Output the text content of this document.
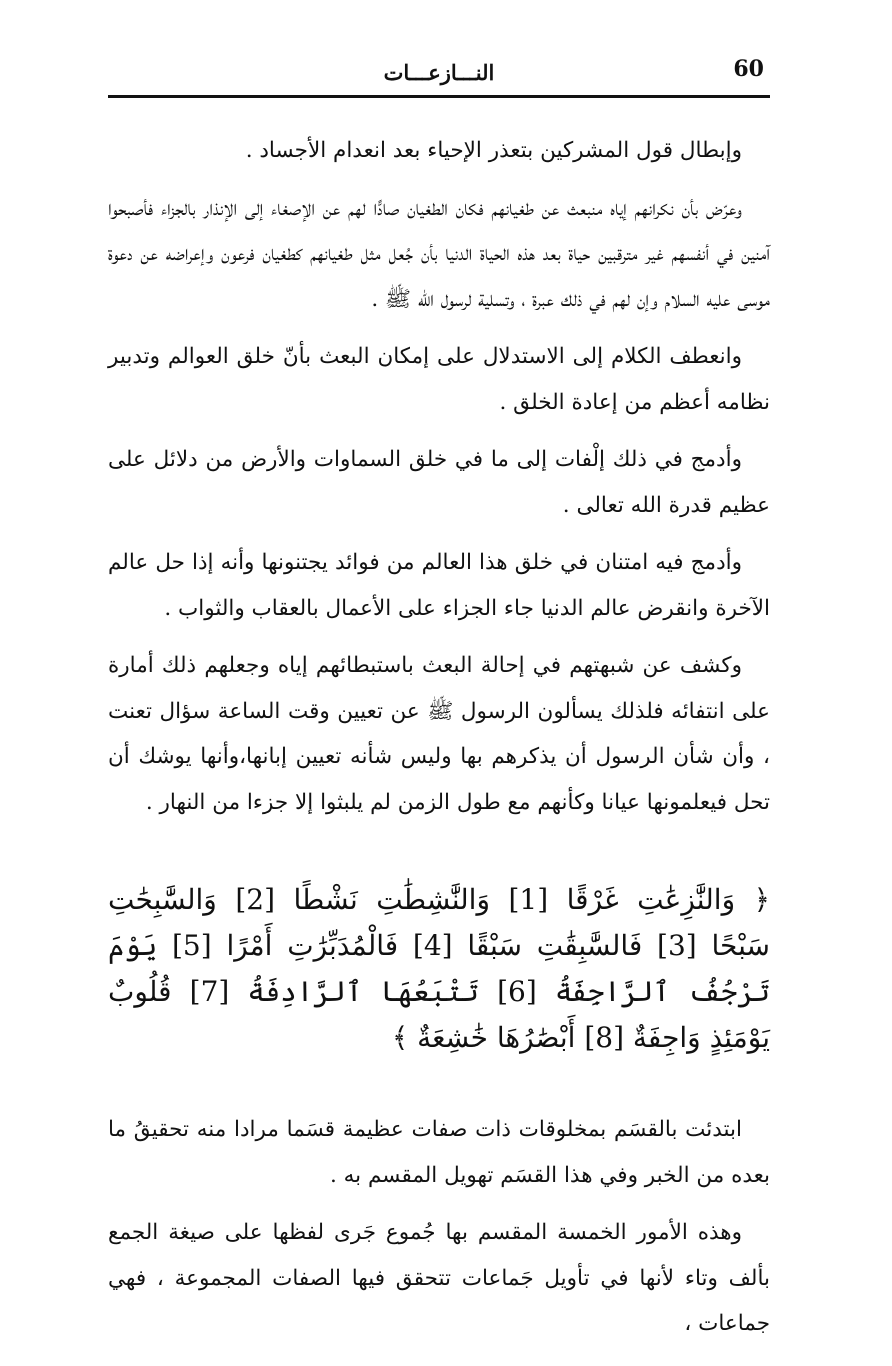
60
النـــازعـــات

وإبطال قول المشركين بتعذر الإحياء بعد انعدام الأجساد .

وعرّض بأن نكرانهم إياه منبعث عن طغيانهم فكان الطغيان صادًّا لهم عن الإصغاء إلى الإنذار بالجزاء فأصبحوا آمنين في أنفسهم غير مترقبين حياة بعد هذه الحياة الدنيا بأن جُعل مثل طغيانهم كطغيان فرعون وإعراضه عن دعوة موسى عليه السلام وإن لهم في ذلك عبرة ، وتسلية لرسول الله ﷺ .

وانعطف الكلام إلى الاستدلال على إمكان البعث بأنّ خلق العوالم وتدبير نظامه أعظم من إعادة الخلق .

وأدمج في ذلك إلْفات إلى ما في خلق السماوات والأرض من دلائل على عظيم قدرة الله تعالى .

وأدمج فيه امتنان في خلق هذا العالم من فوائد يجتنونها وأنه إذا حل عالم الآخرة وانقرض عالم الدنيا جاء الجزاء على الأعمال بالعقاب والثواب .

وكشف عن شبهتهم في إحالة البعث باستبطائهم إياه وجعلهم ذلك أمارة على انتفائه فلذلك يسألون الرسول ﷺ عن تعيين وقت الساعة سؤال تعنت ، وأن شأن الرسول أن يذكرهم بها وليس شأنه تعيين إبانها،وأنها يوشك أن تحل فيعلمونها عيانا وكأنهم مع طول الزمن لم يلبثوا إلا جزءا من النهار .

﴿ وَالنَّٰزِعَٰتِ غَرْقًا [1] وَالنَّٰشِطَٰتِ نَشْطًا [2] وَالسَّٰبِحَٰتِ سَبْحًا [3] فَالسَّٰبِقَٰتِ سَبْقًا [4] فَالْمُدَبِّرَٰتِ أَمْرًا [5] يَوْمَ تَرْجُفُ ٱلرَّاجِفَةُ [6] تَتْبَعُهَا ٱلرَّادِفَةُ [7] قُلُوبٌ يَوْمَئِذٍ وَاجِفَةٌ [8] أَبْصَٰرُهَا خَٰشِعَةٌ ﴾

ابتدئت بالقسَم بمخلوقات ذات صفات عظيمة قسَما مرادا منه تحقيقُ ما بعده من الخبر وفي هذا القسَم تهويل المقسم به .

وهذه الأمور الخمسة المقسم بها جُموع جَرى لفظها على صيغة الجمع بألف وتاء لأنها في تأويل جَماعات تتحقق فيها الصفات المجموعة ، فهي جماعات ،
